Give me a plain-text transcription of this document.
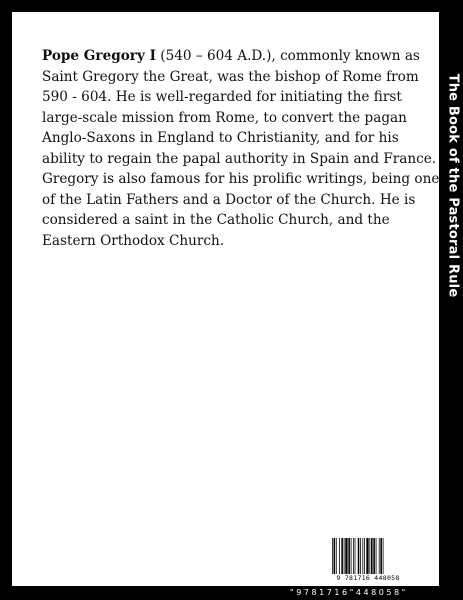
Pope Gregory I (540 – 604 A.D.), commonly known as Saint Gregory the Great, was the bishop of Rome from 590 - 604. He is well-regarded for initiating the first large-scale mission from Rome, to convert the pagan Anglo-Saxons in England to Christianity, and for his ability to regain the papal authority in Spain and France. Gregory is also famous for his prolific writings, being one of the Latin Fathers and a Doctor of the Church. He is considered a saint in the Catholic Church, and the Eastern Orthodox Church.

9 781716 448058
The Book of the Pastoral Rule
" 9 7 8 1 7 1 6 " 4 4 8 0 5 8 "
